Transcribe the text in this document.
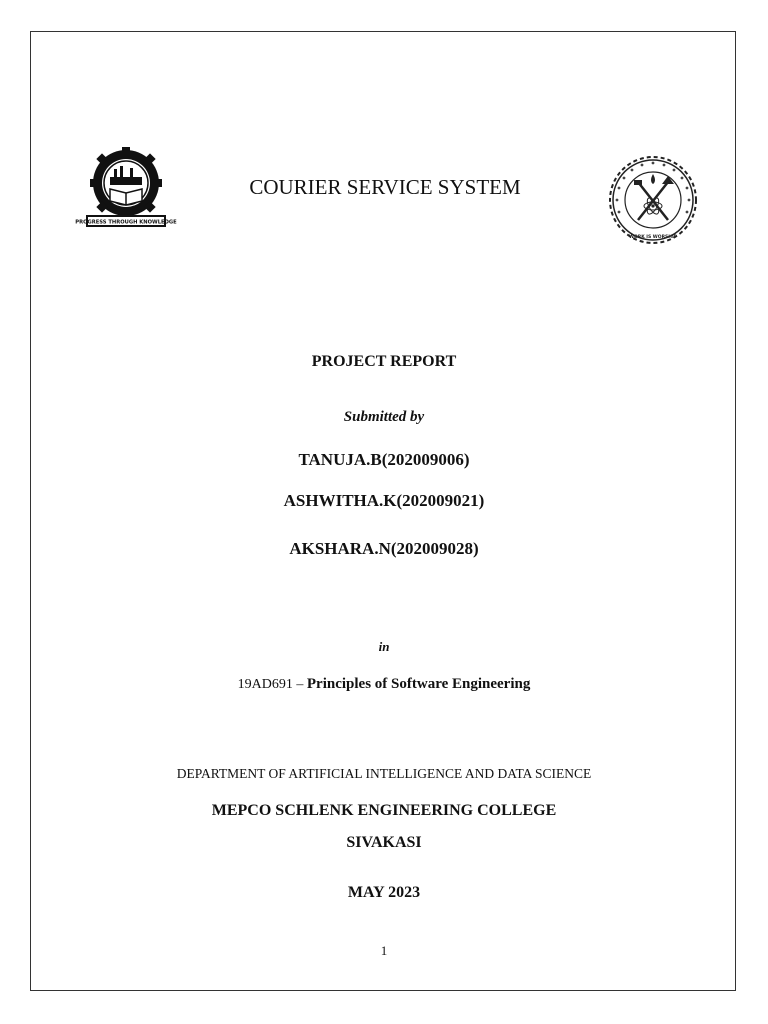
PROGRESS THROUGH KNOWLEDGE
COURIER SERVICE SYSTEM
WORK IS WORSHIP
PROJECT REPORT
Submitted by
TANUJA.B(202009006)
ASHWITHA.K(202009021)
AKSHARA.N(202009028)
in
19AD691 – Principles of Software Engineering
DEPARTMENT OF ARTIFICIAL INTELLIGENCE AND DATA SCIENCE
MEPCO SCHLENK ENGINEERING COLLEGE
SIVAKASI
MAY 2023
1
